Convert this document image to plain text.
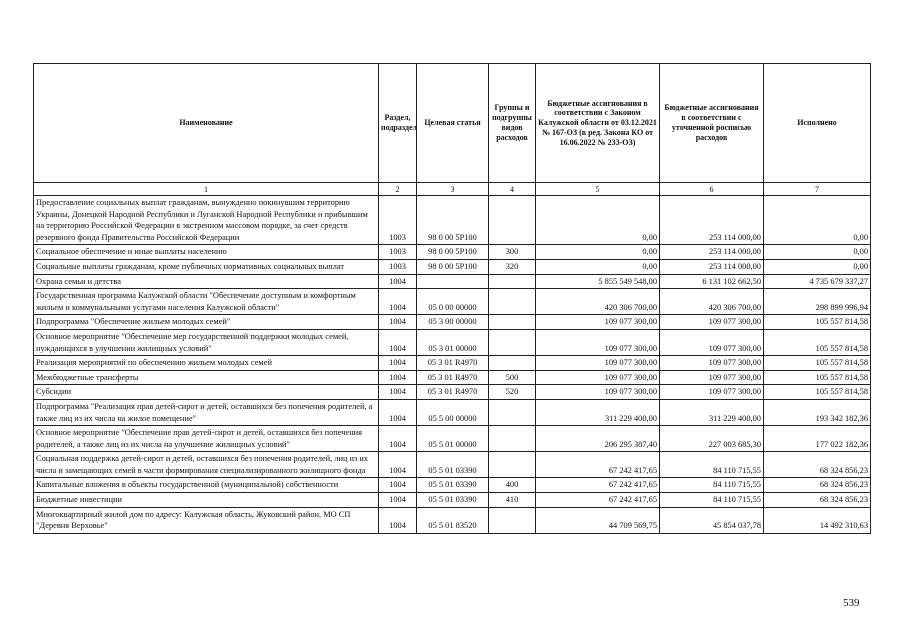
Наименование	Раздел, подраздел	Целевая статья	Группы и подгруппы видов расходов	Бюджетные ассигнования в соответствии с Законом Калужской области от 03.12.2021 № 167-ОЗ (в ред. Закона КО от 16.06.2022 № 233-ОЗ)	Бюджетные ассигнования в соответствии с уточненной росписью расходов	Исполнено
1	2	3	4	5	6	7
Предоставление социальных выплат гражданам, вынужденно покинувшим территорию Украины, Донецкой Народной Республики и Луганской Народной Республики и прибывшим на территорию Российской Федерации в экстренном массовом порядке, за счет средств резервного фонда Правительства Российской Федерации	1003	98 0 00 5Р100		0,00	253 114 000,00	0,00
Социальное обеспечение и иные выплаты населению	1003	98 0 00 5Р100	300	0,00	253 114 000,00	0,00
Социальные выплаты гражданам, кроме публичных нормативных социальных выплат	1003	98 0 00 5Р100	320	0,00	253 114 000,00	0,00
Охрана семьи и детства	1004			5 855 549 548,00	6 131 102 662,50	4 735 679 337,27
Государственная программа Калужской области "Обеспечение доступным и комфортным жильем и коммунальными услугами населения Калужской области"	1004	05 0 00 00000		420 306 700,00	420 306 700,00	298 899 996,94
Подпрограмма "Обеспечение жильем молодых семей"	1004	05 3 00 00000		109 077 300,00	109 077 300,00	105 557 814,58
Основное мероприятие "Обеспечение мер государственной поддержки молодых семей, нуждающихся в улучшении жилищных условий"	1004	05 3 01 00000		109 077 300,00	109 077 300,00	105 557 814,58
Реализация мероприятий по обеспечению жильем молодых семей	1004	05 3 01 R4970		109 077 300,00	109 077 300,00	105 557 814,58
Межбюджетные трансферты	1004	05 3 01 R4970	500	109 077 300,00	109 077 300,00	105 557 814,58
Субсидии	1004	05 3 01 R4970	520	109 077 300,00	109 077 300,00	105 557 814,58
Подпрограмма "Реализация прав детей-сирот и детей, оставшихся без попечения родителей, а также лиц из их числа на жилое помещение"	1004	05 5 00 00000		311 229 400,00	311 229 400,00	193 342 182,36
Основное мероприятие "Обеспечение прав детей-сирот и детей, оставшихся без попечения родителей, а также лиц из их числа на улучшение жилищных условий"	1004	05 5 01 00000		206 295 387,40	227 003 685,30	177 022 182,36
Социальная поддержка детей-сирот и детей, оставшихся без попечения родителей, лиц из их числа и замещающих семей в части формирования специализированного жилищного фонда	1004	05 5 01 03390		67 242 417,65	84 110 715,55	68 324 856,23
Капитальные вложения в объекты государственной (муниципальной) собственности	1004	05 5 01 03390	400	67 242 417,65	84 110 715,55	68 324 856,23
Бюджетные инвестиции	1004	05 5 01 03390	410	67 242 417,65	84 110 715,55	68 324 856,23
Многоквартирный жилой дом по адресу: Калужская область, Жуковский район, МО СП "Деревня Верховье"	1004	05 5 01 83520		44 709 569,75	45 854 037,78	14 492 310,63
539
